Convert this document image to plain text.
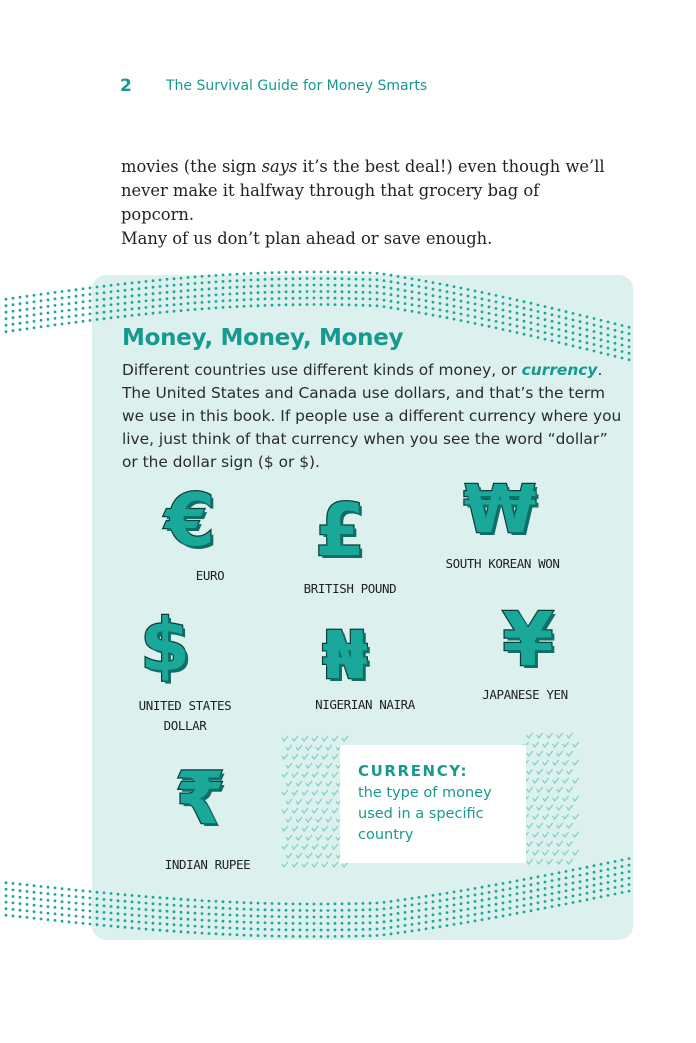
2 The Survival Guide for Money Smarts

movies (the sign says it’s the best deal!) even though we’ll

never make it halfway through that grocery bag of popcorn.

Many of us don’t plan ahead or save enough.

Money, Money, Money
Different countries use different kinds of money, or currency. The United States and Canada use dollars, and that’s the term we use in this book. If people use a different currency where you live, just think of that currency when you see the word “dollar” or the dollar sign ($ or $).
€
EURO
£
BRITISH POUND
₩
SOUTH KOREAN WON
$
UNITED STATES
DOLLAR
₦
NIGERIAN NAIRA
¥
JAPANESE YEN
₹
INDIAN RUPEE
CURRENCY:
the type of money used in a specific country
